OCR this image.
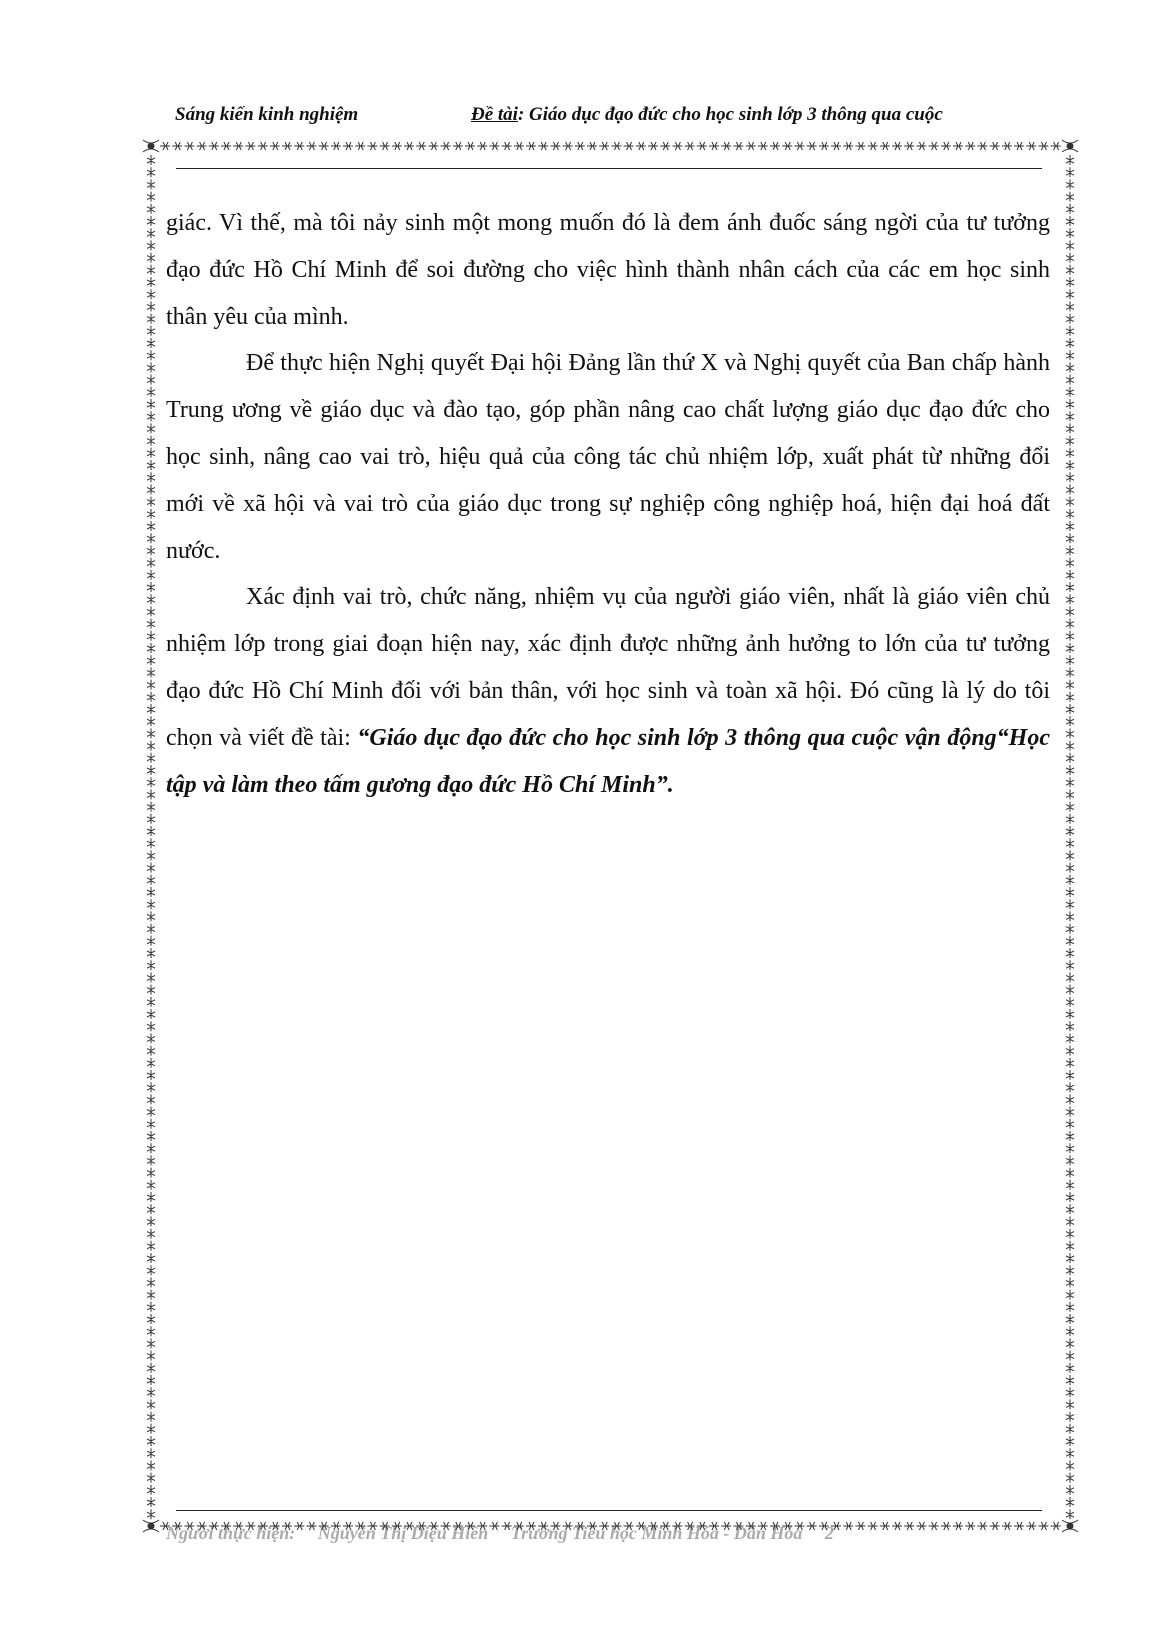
Sáng kiến kinh nghiệm	Đề tài: Giáo dục đạo đức cho học sinh lớp 3 thông qua cuộc

giác. Vì thế, mà tôi nảy sinh một mong muốn đó là đem ánh đuốc sáng ngời của tư tưởng đạo đức Hồ Chí Minh để soi đường cho việc hình thành nhân cách của các em học sinh thân yêu của mình.

Để thực hiện Nghị quyết Đại hội Đảng lần thứ X và Nghị quyết của Ban chấp hành Trung ương về giáo dục và đào tạo, góp phần nâng cao chất lượng giáo dục đạo đức cho học sinh, nâng cao vai trò, hiệu quả của công tác chủ nhiệm lớp, xuất phát từ những đổi mới về xã hội và vai trò của giáo dục trong sự nghiệp công nghiệp hoá, hiện đại hoá đất nước.

Xác định vai trò, chức năng, nhiệm vụ của người giáo viên, nhất là giáo viên chủ nhiệm lớp trong giai đoạn hiện nay, xác định được những ảnh hưởng to lớn của tư tưởng đạo đức Hồ Chí Minh đối với bản thân, với học sinh và toàn xã hội. Đó cũng là lý do tôi chọn và viết đề tài: “Giáo dục đạo đức cho học sinh lớp 3 thông qua cuộc vận động“Học tập và làm theo tấm gương đạo đức Hồ Chí Minh”.

Người thực hiện: Nguyễn Thị Diệu Hiền Trường Tiểu học Minh Hóa - Dân Hóa 2
